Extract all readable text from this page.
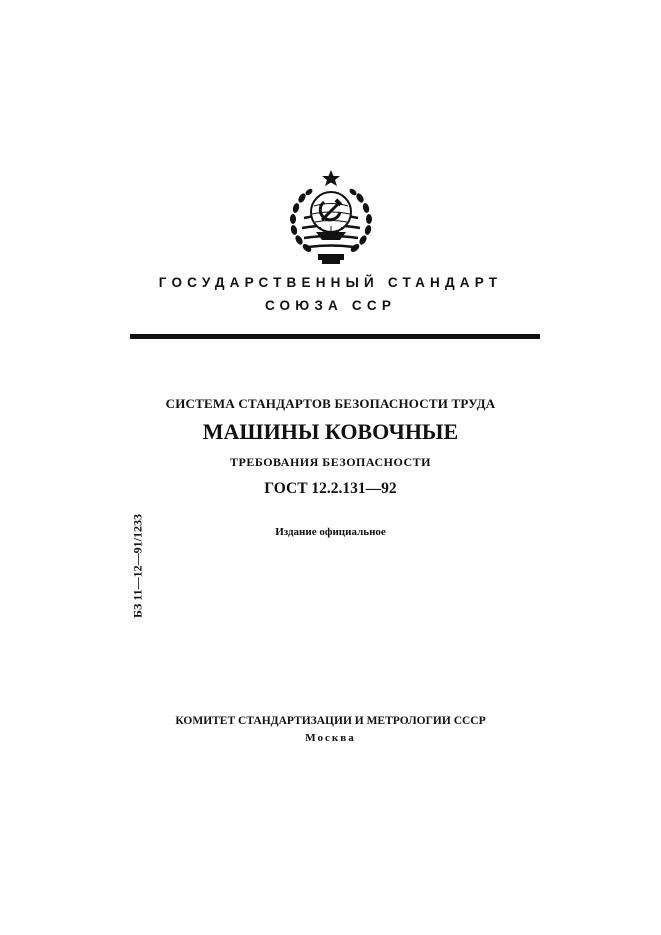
ГОСУДАРСТВЕННЫЙ СТАНДАРТ
СОЮЗА ССР
СИСТЕМА СТАНДАРТОВ БЕЗОПАСНОСТИ ТРУДА
МАШИНЫ КОВОЧНЫЕ
ТРЕБОВАНИЯ БЕЗОПАСНОСТИ
ГОСТ 12.2.131—92
Издание официальное
БЗ 11—12—91/1233
КОМИТЕТ СТАНДАРТИЗАЦИИ И МЕТРОЛОГИИ СССР
Москва
